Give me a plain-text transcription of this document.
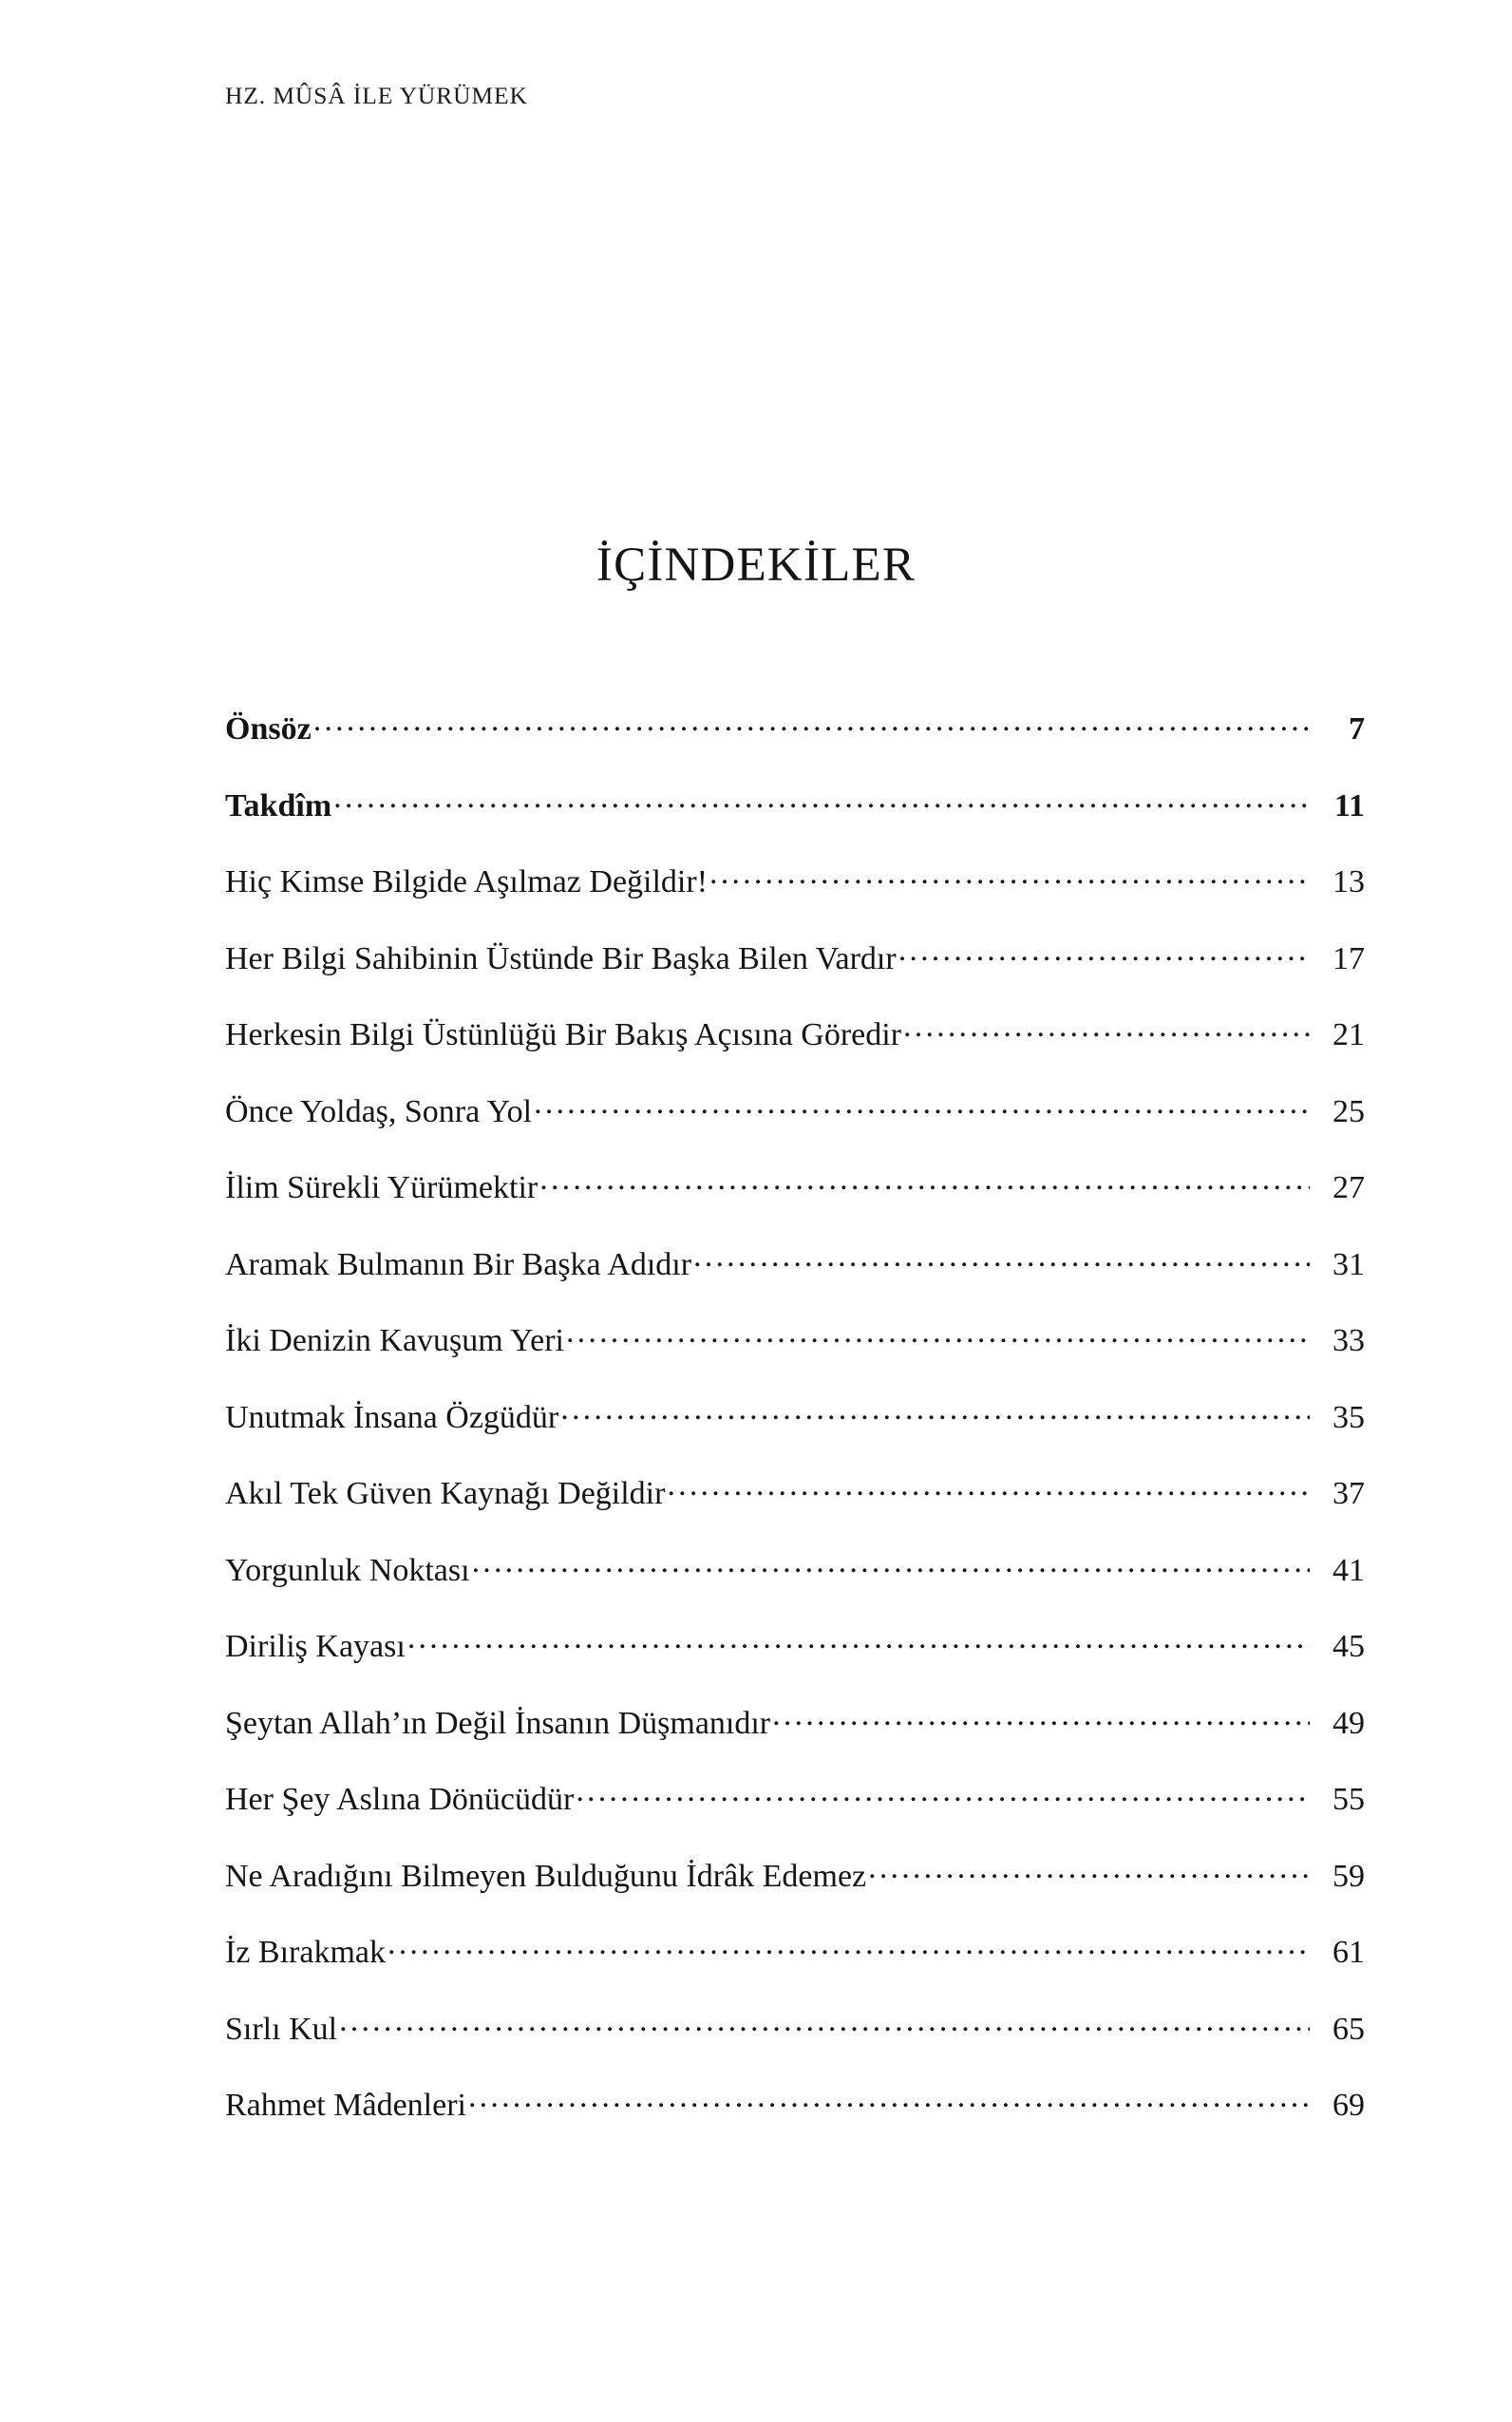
HZ. MÛSÂ İLE YÜRÜMEK
İÇİNDEKİLER
Önsöz .....	7
Takdîm .....	11
Hiç Kimse Bilgide Aşılmaz Değildir! .....	13
Her Bilgi Sahibinin Üstünde Bir Başka Bilen Vardır .....	17
Herkesin Bilgi Üstünlüğü Bir Bakış Açısına Göredir .....	21
Önce Yoldaş, Sonra Yol .....	25
İlim Sürekli Yürümektir .....	27
Aramak Bulmanın Bir Başka Adıdır .....	31
İki Denizin Kavuşum Yeri .....	33
Unutmak İnsana Özgüdür .....	35
Akıl Tek Güven Kaynağı Değildir .....	37
Yorgunluk Noktası .....	41
Diriliş Kayası .....	45
Şeytan Allah’ın Değil İnsanın Düşmanıdır .....	49
Her Şey Aslına Dönücüdür .....	55
Ne Aradığını Bilmeyen Bulduğunu İdrâk Edemez .....	59
İz Bırakmak .....	61
Sırlı Kul .....	65
Rahmet Mâdenleri .....	69
